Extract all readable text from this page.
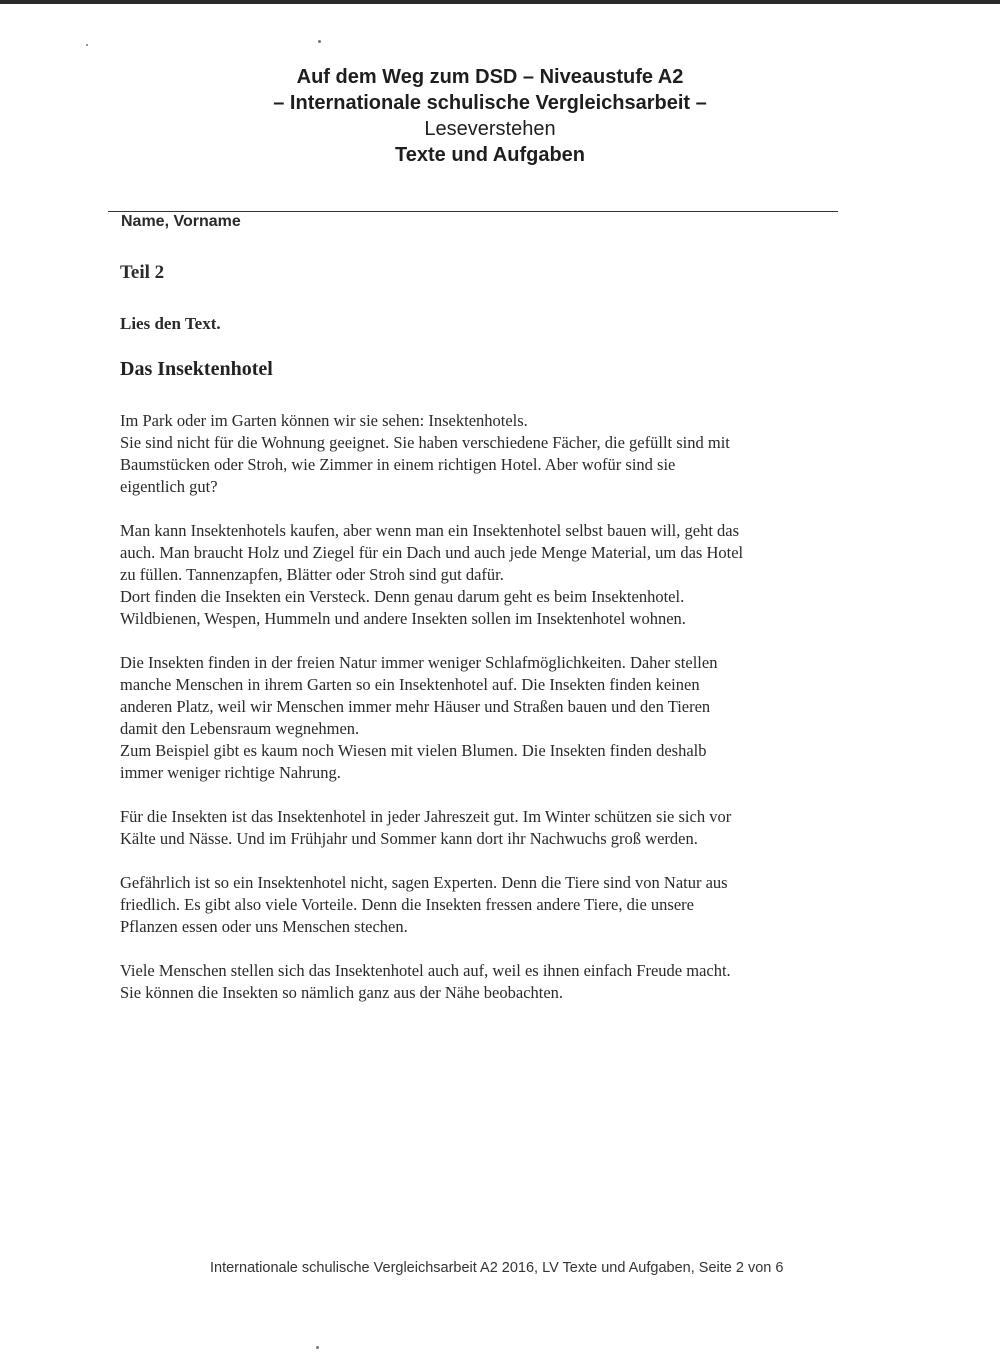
Auf dem Weg zum DSD – Niveaustufe A2
– Internationale schulische Vergleichsarbeit –
Leseverstehen
Texte und Aufgaben
Name, Vorname
Teil 2
Lies den Text.
Das Insektenhotel
Im Park oder im Garten können wir sie sehen: Insektenhotels.
Sie sind nicht für die Wohnung geeignet. Sie haben verschiedene Fächer, die gefüllt sind mit
Baumstücken oder Stroh, wie Zimmer in einem richtigen Hotel. Aber wofür sind sie
eigentlich gut?
Man kann Insektenhotels kaufen, aber wenn man ein Insektenhotel selbst bauen will, geht das
auch. Man braucht Holz und Ziegel für ein Dach und auch jede Menge Material, um das Hotel
zu füllen. Tannenzapfen, Blätter oder Stroh sind gut dafür.
Dort finden die Insekten ein Versteck. Denn genau darum geht es beim Insektenhotel.
Wildbienen, Wespen, Hummeln und andere Insekten sollen im Insektenhotel wohnen.
Die Insekten finden in der freien Natur immer weniger Schlafmöglichkeiten. Daher stellen
manche Menschen in ihrem Garten so ein Insektenhotel auf. Die Insekten finden keinen
anderen Platz, weil wir Menschen immer mehr Häuser und Straßen bauen und den Tieren
damit den Lebensraum wegnehmen.
Zum Beispiel gibt es kaum noch Wiesen mit vielen Blumen. Die Insekten finden deshalb
immer weniger richtige Nahrung.
Für die Insekten ist das Insektenhotel in jeder Jahreszeit gut. Im Winter schützen sie sich vor
Kälte und Nässe. Und im Frühjahr und Sommer kann dort ihr Nachwuchs groß werden.
Gefährlich ist so ein Insektenhotel nicht, sagen Experten. Denn die Tiere sind von Natur aus
friedlich. Es gibt also viele Vorteile. Denn die Insekten fressen andere Tiere, die unsere
Pflanzen essen oder uns Menschen stechen.
Viele Menschen stellen sich das Insektenhotel auch auf, weil es ihnen einfach Freude macht.
Sie können die Insekten so nämlich ganz aus der Nähe beobachten.
Internationale schulische Vergleichsarbeit A2 2016, LV Texte und Aufgaben, Seite 2 von 6
